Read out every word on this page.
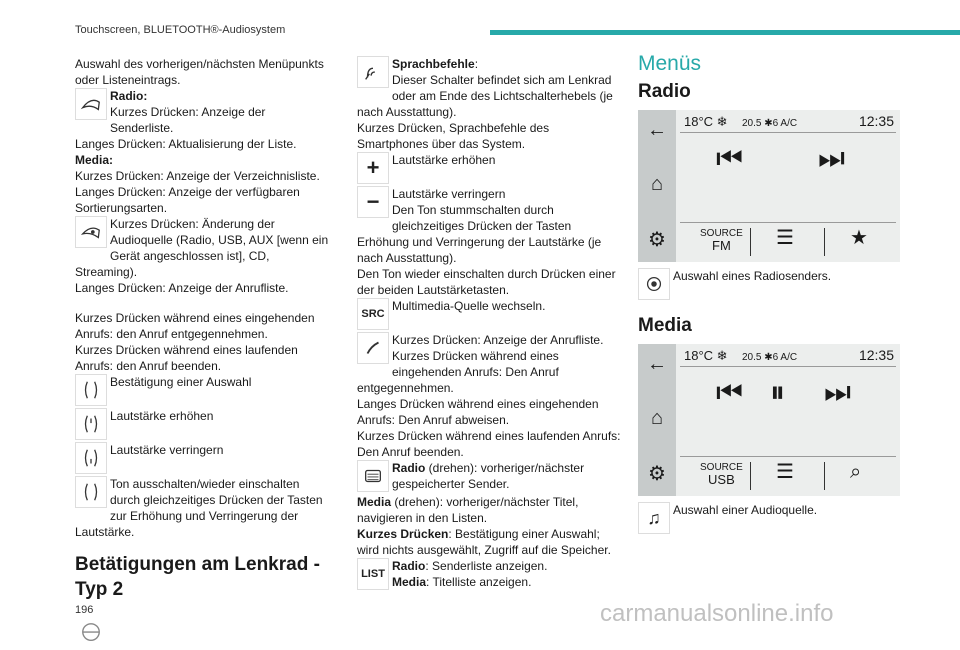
Touchscreen, BLUETOOTH®-Audiosystem

Auswahl des vorherigen/nächsten Menüpunkts oder Listeneintrags.

Radio:

Kurzes Drücken: Anzeige der Senderliste.

Langes Drücken: Aktualisierung der Liste.

Media:

Kurzes Drücken: Anzeige der Verzeichnisliste.

Langes Drücken: Anzeige der verfügbaren Sortierungsarten.

Kurzes Drücken: Änderung der Audioquelle (Radio, USB, AUX [wenn ein Gerät angeschlossen ist], CD, Streaming).

Langes Drücken: Anzeige der Anrufliste.

Kurzes Drücken während eines eingehenden Anrufs: den Anruf entgegennehmen.

Kurzes Drücken während eines laufenden Anrufs: den Anruf beenden.

Bestätigung einer Auswahl

Lautstärke erhöhen

Lautstärke verringern

Ton ausschalten/wieder einschalten durch gleichzeitiges Drücken der Tasten zur Erhöhung und Verringerung der Lautstärke.

Betätigungen am Lenkrad - Typ 2

Sprachbefehle:

Dieser Schalter befindet sich am Lenkrad oder am Ende des Lichtschalterhebels (je nach Ausstattung).

Kurzes Drücken, Sprachbefehle des Smartphones über das System.

+	Lautstärke erhöhen

−	Lautstärke verringern

Den Ton stummschalten durch gleichzeitiges Drücken der Tasten Erhöhung und Verringerung der Lautstärke (je nach Ausstattung).

Den Ton wieder einschalten durch Drücken einer der beiden Lautstärketasten.

SRC

Multimedia-Quelle wechseln.

Kurzes Drücken: Anzeige der Anrufliste.

Kurzes Drücken während eines eingehenden Anrufs: Den Anruf entgegennehmen.

Langes Drücken während eines eingehenden Anrufs: Den Anruf abweisen.

Kurzes Drücken während eines laufenden Anrufs: Den Anruf beenden.

Radio (drehen): vorheriger/nächster gespeicherter Sender.

Media (drehen): vorheriger/nächster Titel, navigieren in den Listen.

Kurzes Drücken: Bestätigung einer Auswahl; wird nichts ausgewählt, Zugriff auf die Speicher.

LIST

Radio: Senderliste anzeigen.

Media: Titelliste anzeigen.

Menüs
Radio
←
⌂
⚙
18°C ❄ 20.5 ✱6 A/C	12:35
⏮	⏭
SOURCE
FM	☰	★

Auswahl eines Radiosenders.

Media
←
⌂
⚙
18°C ❄ 20.5 ✱6 A/C	12:35
⏮ ⏸ ⏭
SOURCE
USB	☰	⌕
♫	Auswahl einer Audioquelle.

196	carmanualsonline.info
